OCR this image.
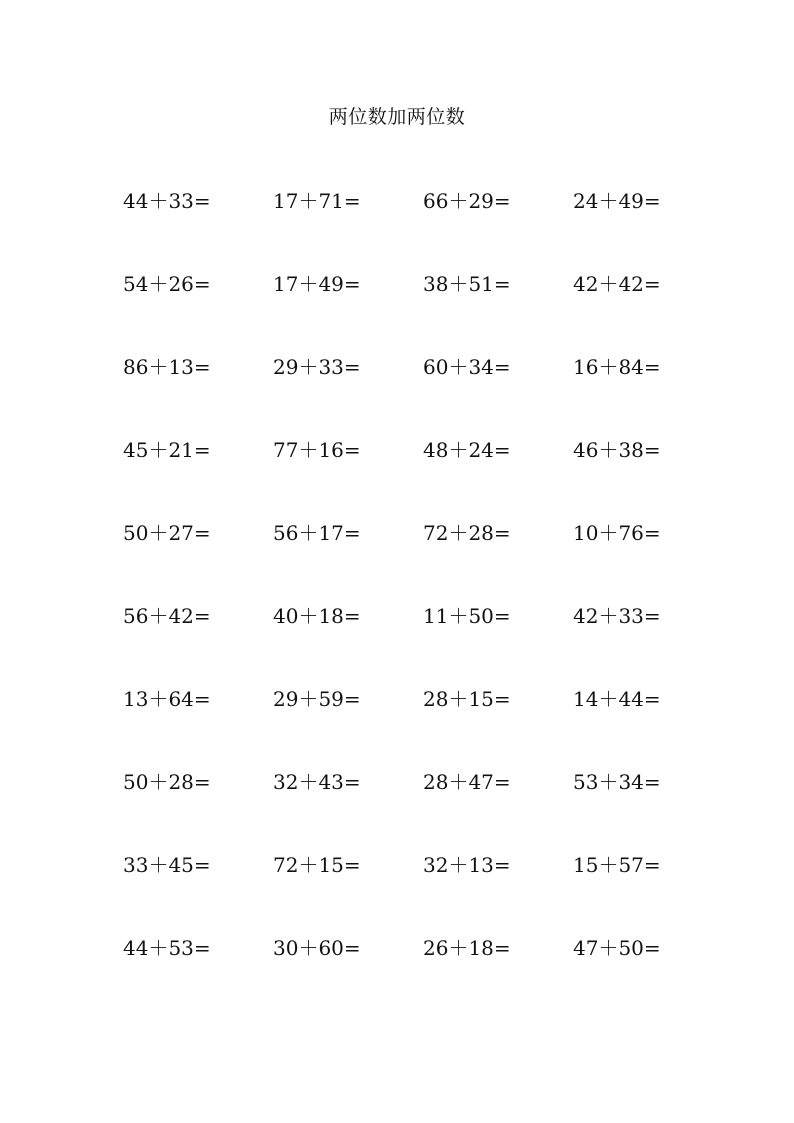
两位数加两位数
44＋33=	17＋71=	66＋29=	24＋49=
54＋26=	17＋49=	38＋51=	42＋42=
86＋13=	29＋33=	60＋34=	16＋84=
45＋21=	77＋16=	48＋24=	46＋38=
50＋27=	56＋17=	72＋28=	10＋76=
56＋42=	40＋18=	11＋50=	42＋33=
13＋64=	29＋59=	28＋15=	14＋44=
50＋28=	32＋43=	28＋47=	53＋34=
33＋45=	72＋15=	32＋13=	15＋57=
44＋53=	30＋60=	26＋18=	47＋50=
